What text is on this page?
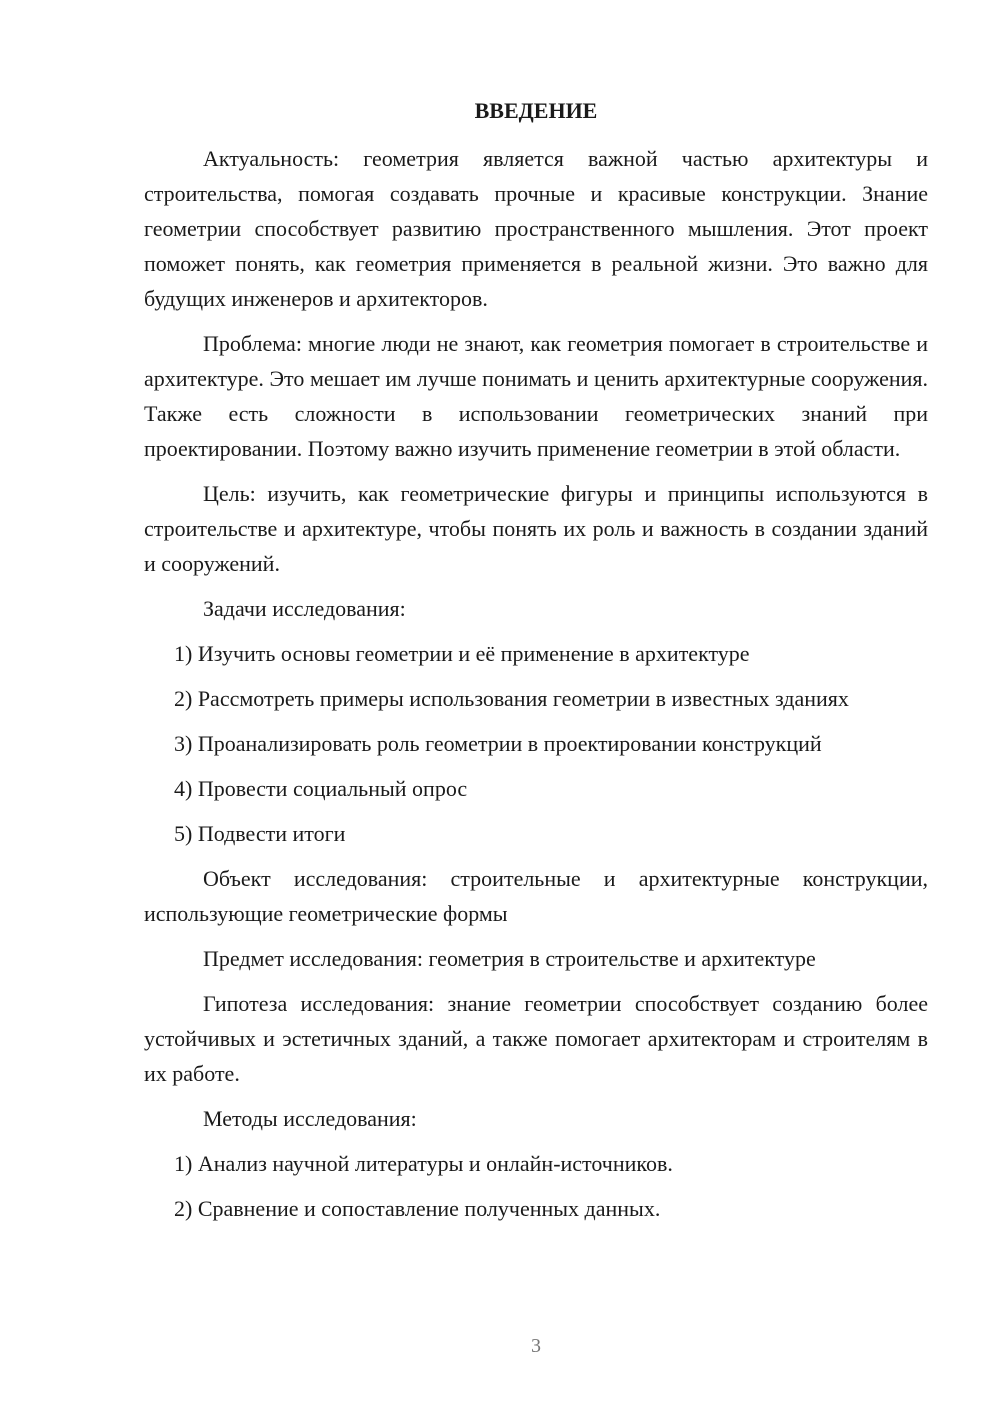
ВВЕДЕНИЕ

Актуальность: геометрия является важной частью архитектуры и строительства, помогая создавать прочные и красивые конструкции. Знание геометрии способствует развитию пространственного мышления. Этот проект поможет понять, как геометрия применяется в реальной жизни. Это важно для будущих инженеров и архитекторов.

Проблема: многие люди не знают, как геометрия помогает в строительстве и архитектуре. Это мешает им лучше понимать и ценить архитектурные сооружения. Также есть сложности в использовании геометрических знаний при проектировании. Поэтому важно изучить применение геометрии в этой области.

Цель: изучить, как геометрические фигуры и принципы используются в строительстве и архитектуре, чтобы понять их роль и важность в создании зданий и сооружений.

Задачи исследования:

1) Изучить основы геометрии и её применение в архитектуре

2) Рассмотреть примеры использования геометрии в известных зданиях

3) Проанализировать роль геометрии в проектировании конструкций

4) Провести социальный опрос

5) Подвести итоги

Объект исследования: строительные и архитектурные конструкции, использующие геометрические формы

Предмет исследования: геометрия в строительстве и архитектуре

Гипотеза исследования: знание геометрии способствует созданию более устойчивых и эстетичных зданий, а также помогает архитекторам и строителям в их работе.

Методы исследования:

1) Анализ научной литературы и онлайн-источников.

2) Сравнение и сопоставление полученных данных.

3
